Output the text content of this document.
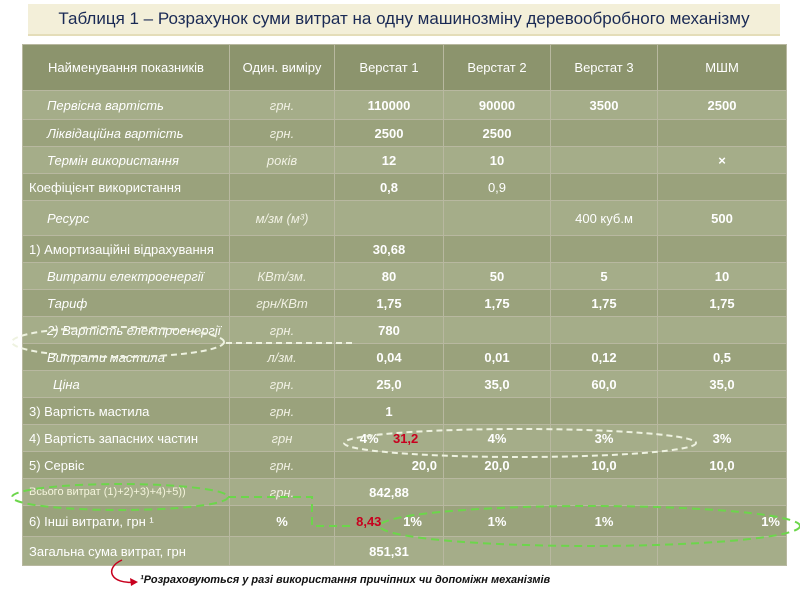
Таблиця 1 – Розрахунок суми витрат на одну машинозміну деревообробного механізму
Найменування показників	Один. виміру	Верстат 1	Верстат 2	Верстат 3	МШМ
Первісна вартість	грн.	110000	90000	3500	2500
Ліквідаційна вартість	грн.	2500	2500		
Термін використання	років	12	10		×
Коефіцієнт використання		0,8	0,9		
Ресурс	м/зм (м³)			400 куб.м	500
1) Амортизаційні відрахування		30,68			
Витрати електроенергії	КВт/зм.	80	50	5	10
Тариф	грн/КВт	1,75	1,75	1,75	1,75
2) Вартість електроенергії	грн.	780			
Витрати мастила	л/зм.	0,04	0,01	0,12	0,5
Ціна	грн.	25,0	35,0	60,0	35,0
3) Вартість мастила	грн.	1			
4) Вартість запасних частин	грн	4% 31,2	4%	3%	3%
5) Сервіс	грн.	20,0	20,0	10,0	10,0
Всього витрат (1)+2)+3)+4)+5))	грн.	842,88			
6) Інші витрати, грн ¹	%	8,43 1%	1%	1%	1%
Загальна сума витрат, грн		851,31			
¹Розраховуються у разі використання причіпних чи допоміжн механізмів
